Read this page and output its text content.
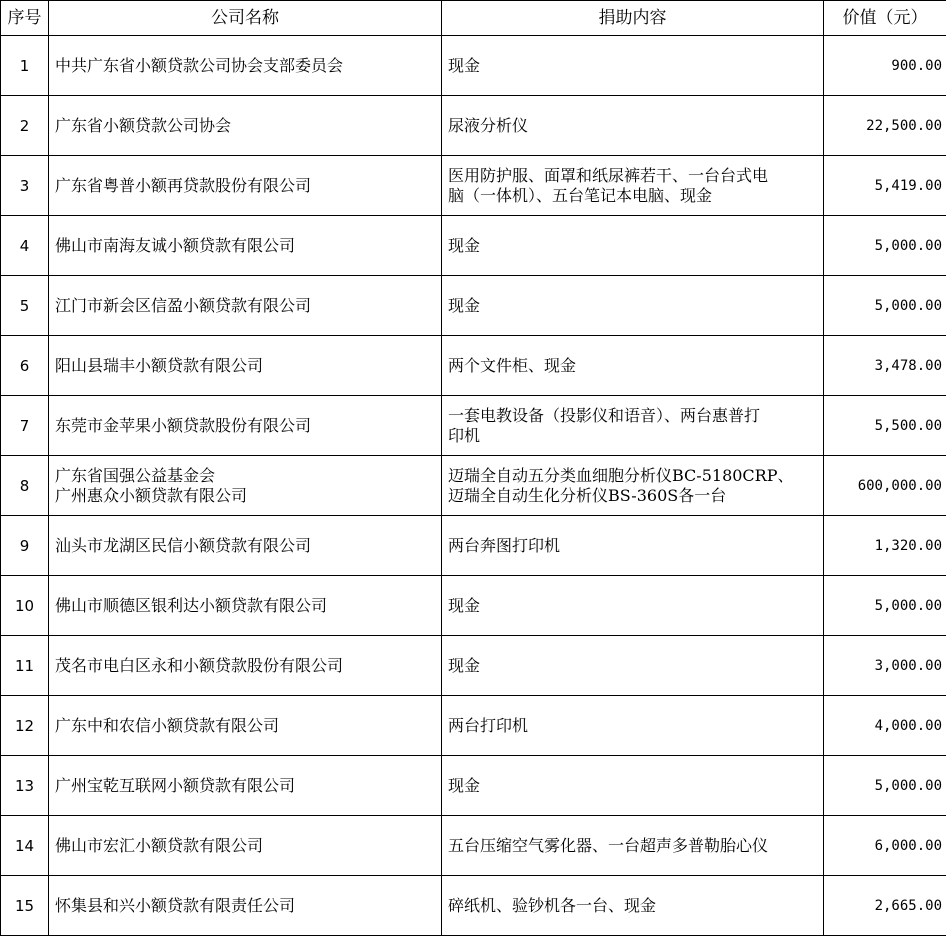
序号	公司名称	捐助内容	价值（元）
1	中共广东省小额贷款公司协会支部委员会	现金	900.00
2	广东省小额贷款公司协会	尿液分析仪	22,500.00
3	广东省粤普小额再贷款股份有限公司	医用防护服、面罩和纸尿裤若干、一台台式电
脑（一体机）、五台笔记本电脑、现金	5,419.00
4	佛山市南海友诚小额贷款有限公司	现金	5,000.00
5	江门市新会区信盈小额贷款有限公司	现金	5,000.00
6	阳山县瑞丰小额贷款有限公司	两个文件柜、现金	3,478.00
7	东莞市金苹果小额贷款股份有限公司	一套电教设备（投影仪和语音）、两台惠普打
印机	5,500.00
8	广东省国强公益基金会
广州惠众小额贷款有限公司	迈瑞全自动五分类血细胞分析仪BC-5180CRP、
迈瑞全自动生化分析仪BS-360S各一台	600,000.00
9	汕头市龙湖区民信小额贷款有限公司	两台奔图打印机	1,320.00
10	佛山市顺德区银利达小额贷款有限公司	现金	5,000.00
11	茂名市电白区永和小额贷款股份有限公司	现金	3,000.00
12	广东中和农信小额贷款有限公司	两台打印机	4,000.00
13	广州宝乾互联网小额贷款有限公司	现金	5,000.00
14	佛山市宏汇小额贷款有限公司	五台压缩空气雾化器、一台超声多普勒胎心仪	6,000.00
15	怀集县和兴小额贷款有限责任公司	碎纸机、验钞机各一台、现金	2,665.00
